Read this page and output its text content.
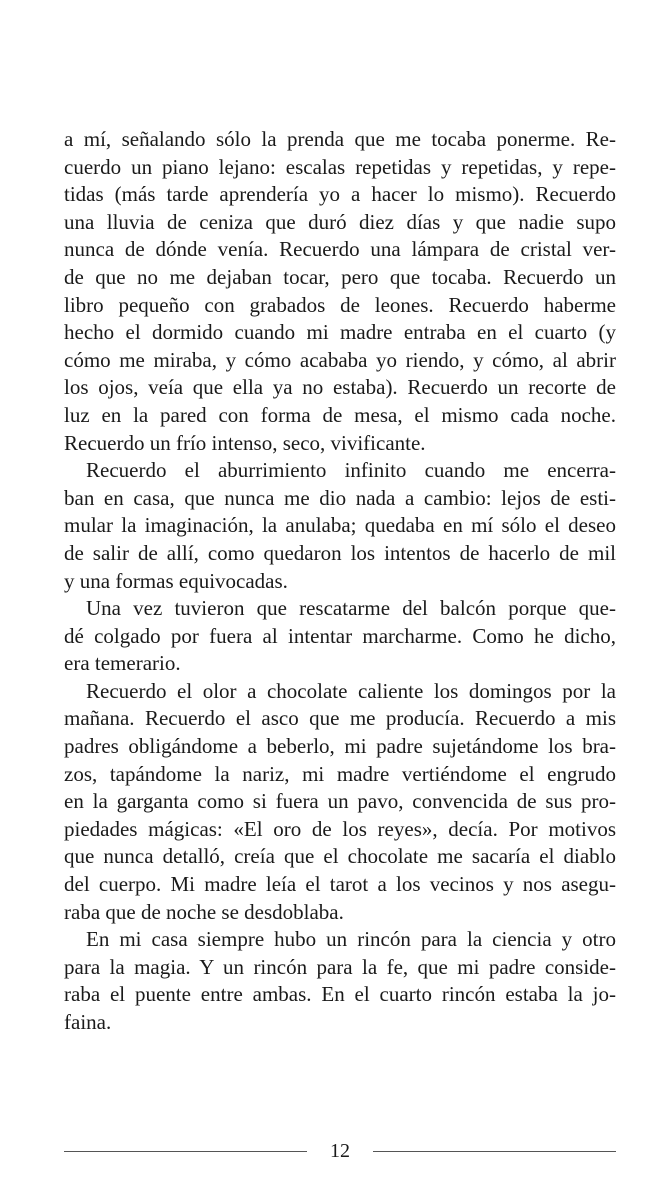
a mí, señalando sólo la prenda que me tocaba ponerme. Re-
cuerdo un piano lejano: escalas repetidas y repetidas, y repe-
tidas (más tarde aprendería yo a hacer lo mismo). Recuerdo
una lluvia de ceniza que duró diez días y que nadie supo
nunca de dónde venía. Recuerdo una lámpara de cristal ver-
de que no me dejaban tocar, pero que tocaba. Recuerdo un
libro pequeño con grabados de leones. Recuerdo haberme
hecho el dormido cuando mi madre entraba en el cuarto (y
cómo me miraba, y cómo acababa yo riendo, y cómo, al abrir
los ojos, veía que ella ya no estaba). Recuerdo un recorte de
luz en la pared con forma de mesa, el mismo cada noche.
Recuerdo un frío intenso, seco, vivificante.

Recuerdo el aburrimiento infinito cuando me encerra-
ban en casa, que nunca me dio nada a cambio: lejos de esti-
mular la imaginación, la anulaba; quedaba en mí sólo el deseo
de salir de allí, como quedaron los intentos de hacerlo de mil
y una formas equivocadas.

Una vez tuvieron que rescatarme del balcón porque que-
dé colgado por fuera al intentar marcharme. Como he dicho,
era temerario.

Recuerdo el olor a chocolate caliente los domingos por la
mañana. Recuerdo el asco que me producía. Recuerdo a mis
padres obligándome a beberlo, mi padre sujetándome los bra-
zos, tapándome la nariz, mi madre vertiéndome el engrudo
en la garganta como si fuera un pavo, convencida de sus pro-
piedades mágicas: «El oro de los reyes», decía. Por motivos
que nunca detalló, creía que el chocolate me sacaría el diablo
del cuerpo. Mi madre leía el tarot a los vecinos y nos asegu-
raba que de noche se desdoblaba.

En mi casa siempre hubo un rincón para la ciencia y otro
para la magia. Y un rincón para la fe, que mi padre conside-
raba el puente entre ambas. En el cuarto rincón estaba la jo-
faina.

12
